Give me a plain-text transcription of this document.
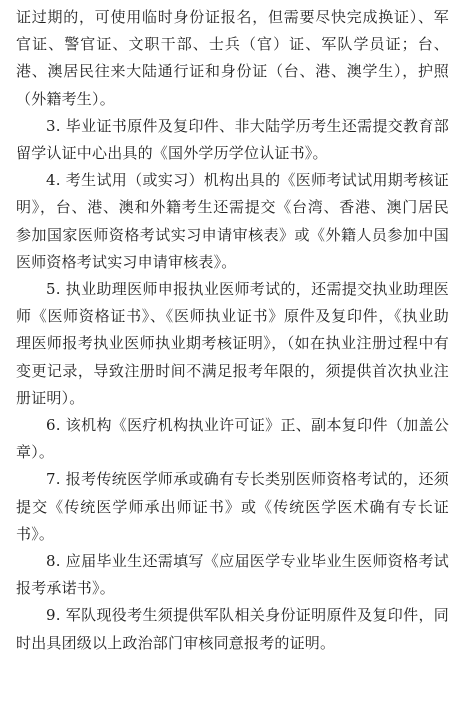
证过期的，可使用临时身份证报名，但需要尽快完成换证）、军官证、警官证、文职干部、士兵（官）证、军队学员证；台、港、澳居民往来大陆通行证和身份证（台、港、澳学生），护照（外籍考生）。

3. 毕业证书原件及复印件、非大陆学历考生还需提交教育部留学认证中心出具的《国外学历学位认证书》。

4. 考生试用（或实习）机构出具的《医师考试试用期考核证明》，台、港、澳和外籍考生还需提交《台湾、香港、澳门居民参加国家医师资格考试实习申请审核表》或《外籍人员参加中国医师资格考试实习申请审核表》。

5. 执业助理医师申报执业医师考试的，还需提交执业助理医师《医师资格证书》、《医师执业证书》原件及复印件，《执业助理医师报考执业医师执业期考核证明》，（如在执业注册过程中有变更记录，导致注册时间不满足报考年限的，须提供首次执业注册证明）。

6. 该机构《医疗机构执业许可证》正、副本复印件（加盖公章）。

7. 报考传统医学师承或确有专长类别医师资格考试的，还须提交《传统医学师承出师证书》或《传统医学医术确有专长证书》。

8. 应届毕业生还需填写《应届医学专业毕业生医师资格考试报考承诺书》。

9. 军队现役考生须提供军队相关身份证明原件及复印件，同时出具团级以上政治部门审核同意报考的证明。
